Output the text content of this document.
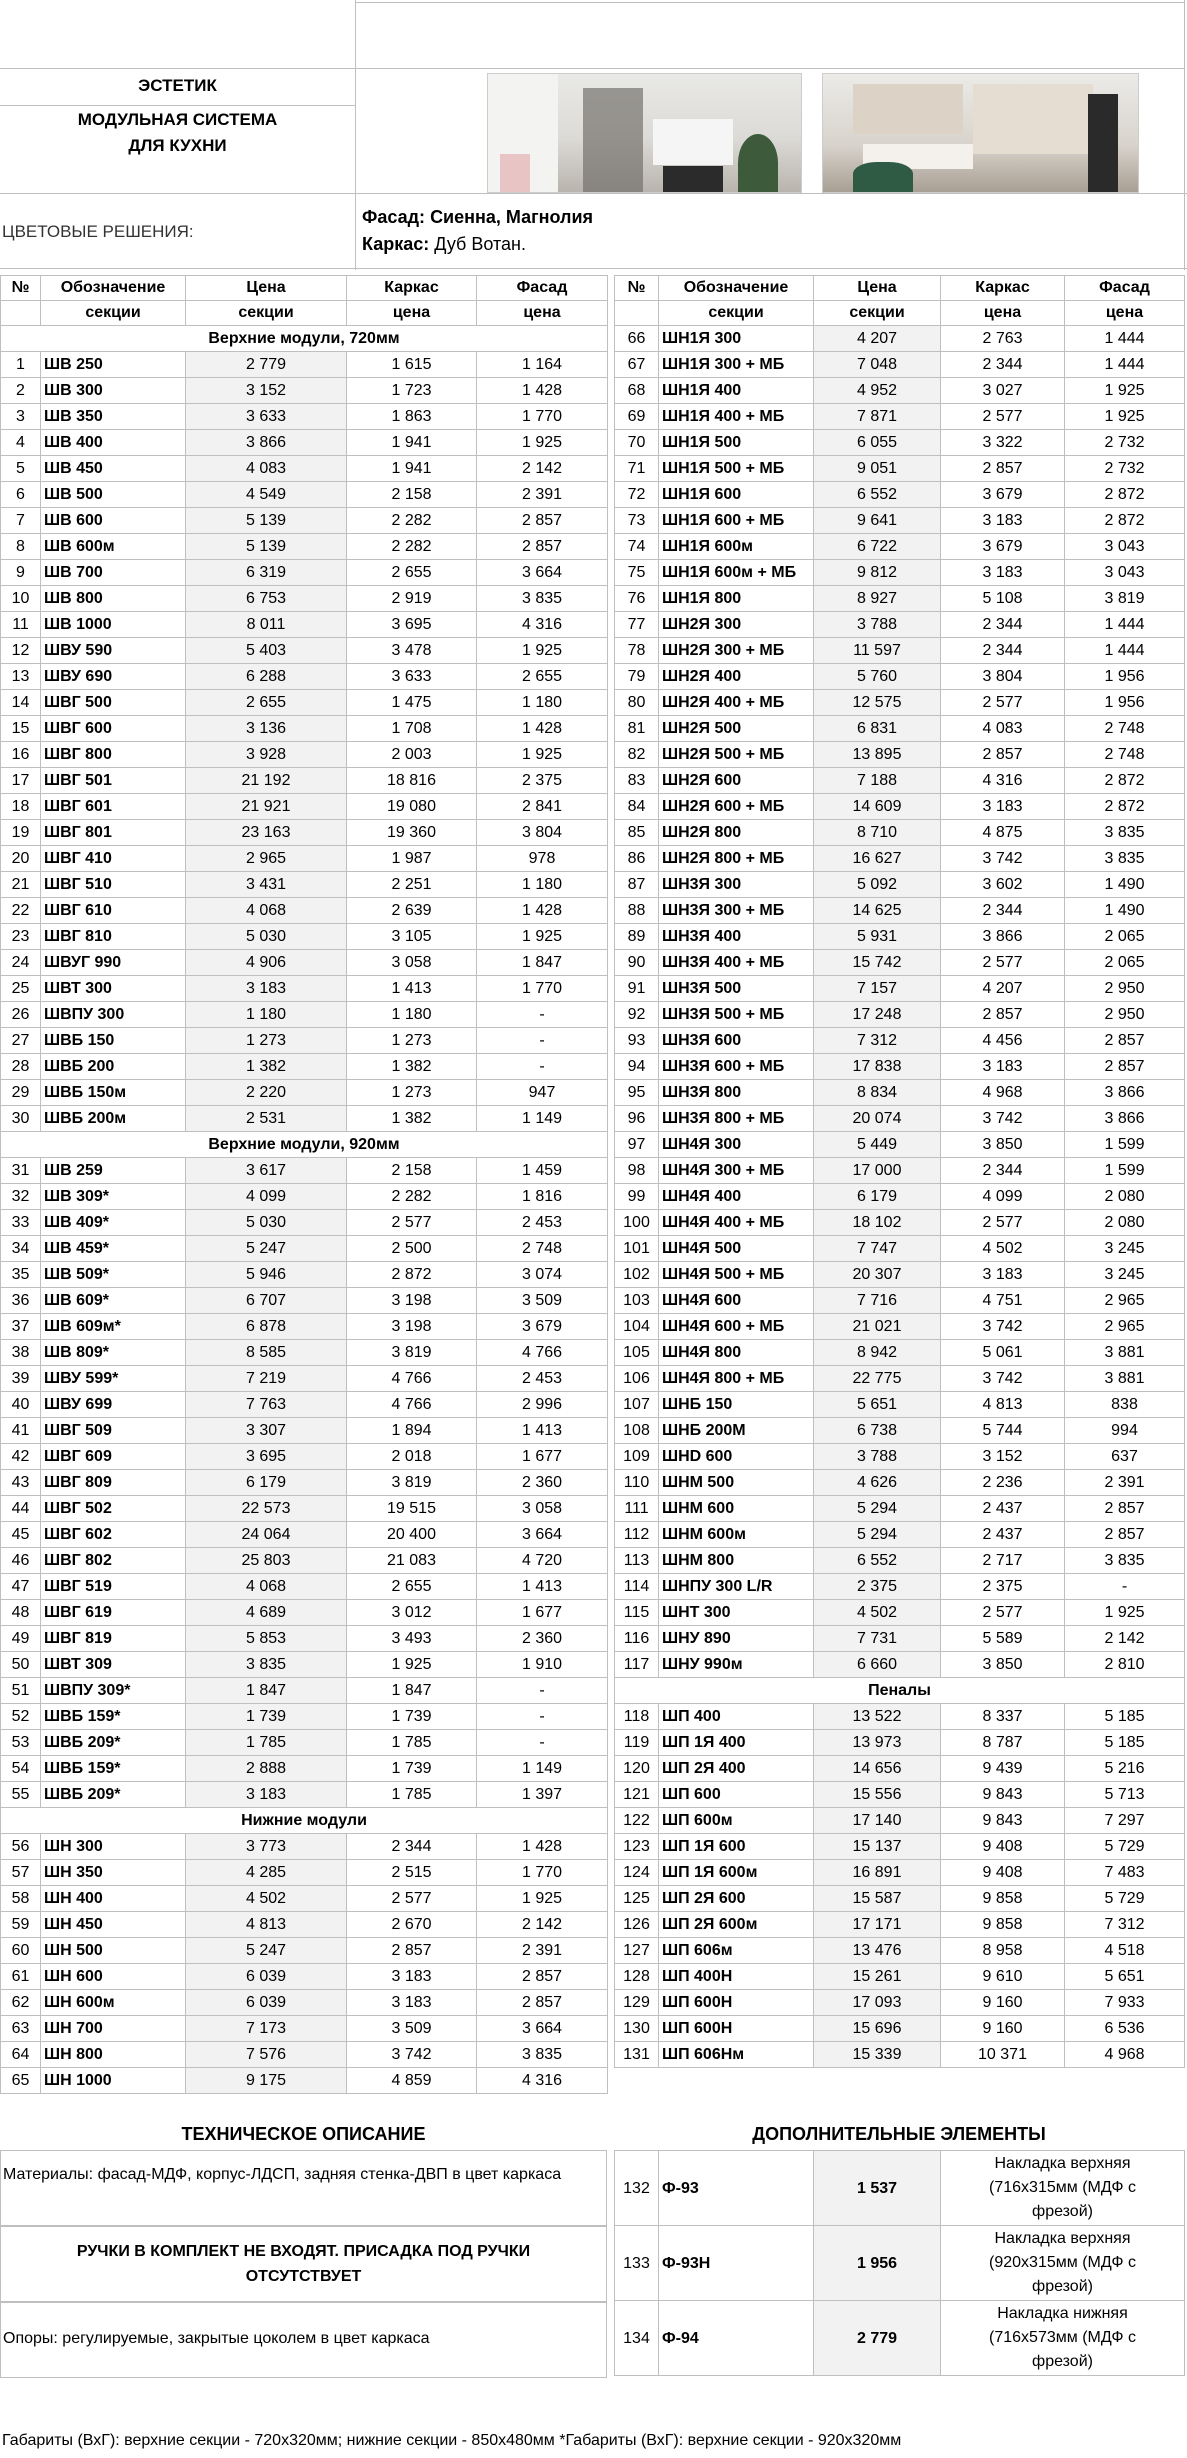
ЭСТЕТИК
МОДУЛЬНАЯ СИСТЕМА
ДЛЯ КУХНИ
ЦВЕТОВЫЕ РЕШЕНИЯ:
Фасад: Сиенна, Магнолия
Каркас: Дуб Вотан.
№	Обозначение	Цена	Каркас	Фасад
	секции	секции	цена	цена
Верхние модули, 720мм				
1	ШВ 250	2 779	1 615	1 164
2	ШВ 300	3 152	1 723	1 428
3	ШВ 350	3 633	1 863	1 770
4	ШВ 400	3 866	1 941	1 925
5	ШВ 450	4 083	1 941	2 142
6	ШВ 500	4 549	2 158	2 391
7	ШВ 600	5 139	2 282	2 857
8	ШВ 600м	5 139	2 282	2 857
9	ШВ 700	6 319	2 655	3 664
10	ШВ 800	6 753	2 919	3 835
11	ШВ 1000	8 011	3 695	4 316
12	ШВУ 590	5 403	3 478	1 925
13	ШВУ 690	6 288	3 633	2 655
14	ШВГ 500	2 655	1 475	1 180
15	ШВГ 600	3 136	1 708	1 428
16	ШВГ 800	3 928	2 003	1 925
17	ШВГ 501	21 192	18 816	2 375
18	ШВГ 601	21 921	19 080	2 841
19	ШВГ 801	23 163	19 360	3 804
20	ШВГ 410	2 965	1 987	978
21	ШВГ 510	3 431	2 251	1 180
22	ШВГ 610	4 068	2 639	1 428
23	ШВГ 810	5 030	3 105	1 925
24	ШВУГ 990	4 906	3 058	1 847
25	ШВТ 300	3 183	1 413	1 770
26	ШВПУ 300	1 180	1 180	-
27	ШВБ 150	1 273	1 273	-
28	ШВБ 200	1 382	1 382	-
29	ШВБ 150м	2 220	1 273	947
30	ШВБ 200м	2 531	1 382	1 149
Верхние модули, 920мм				
31	ШВ 259	3 617	2 158	1 459
32	ШВ 309*	4 099	2 282	1 816
33	ШВ 409*	5 030	2 577	2 453
34	ШВ 459*	5 247	2 500	2 748
35	ШВ 509*	5 946	2 872	3 074
36	ШВ 609*	6 707	3 198	3 509
37	ШВ 609м*	6 878	3 198	3 679
38	ШВ 809*	8 585	3 819	4 766
39	ШВУ 599*	7 219	4 766	2 453
40	ШВУ 699	7 763	4 766	2 996
41	ШВГ 509	3 307	1 894	1 413
42	ШВГ 609	3 695	2 018	1 677
43	ШВГ 809	6 179	3 819	2 360
44	ШВГ 502	22 573	19 515	3 058
45	ШВГ 602	24 064	20 400	3 664
46	ШВГ 802	25 803	21 083	4 720
47	ШВГ 519	4 068	2 655	1 413
48	ШВГ 619	4 689	3 012	1 677
49	ШВГ 819	5 853	3 493	2 360
50	ШВТ 309	3 835	1 925	1 910
51	ШВПУ 309*	1 847	1 847	-
52	ШВБ 159*	1 739	1 739	-
53	ШВБ 209*	1 785	1 785	-
54	ШВБ 159*	2 888	1 739	1 149
55	ШВБ 209*	3 183	1 785	1 397
Нижние модули				
56	ШН 300	3 773	2 344	1 428
57	ШН 350	4 285	2 515	1 770
58	ШН 400	4 502	2 577	1 925
59	ШН 450	4 813	2 670	2 142
60	ШН 500	5 247	2 857	2 391
61	ШН 600	6 039	3 183	2 857
62	ШН 600м	6 039	3 183	2 857
63	ШН 700	7 173	3 509	3 664
64	ШН 800	7 576	3 742	3 835
65	ШН 1000	9 175	4 859	4 316
№	Обозначение	Цена	Каркас	Фасад
	секции	секции	цена	цена
66	ШН1Я 300	4 207	2 763	1 444
67	ШН1Я 300 + МБ	7 048	2 344	1 444
68	ШН1Я 400	4 952	3 027	1 925
69	ШН1Я 400 + МБ	7 871	2 577	1 925
70	ШН1Я 500	6 055	3 322	2 732
71	ШН1Я 500 + МБ	9 051	2 857	2 732
72	ШН1Я 600	6 552	3 679	2 872
73	ШН1Я 600 + МБ	9 641	3 183	2 872
74	ШН1Я 600м	6 722	3 679	3 043
75	ШН1Я 600м + МБ	9 812	3 183	3 043
76	ШН1Я 800	8 927	5 108	3 819
77	ШН2Я 300	3 788	2 344	1 444
78	ШН2Я 300 + МБ	11 597	2 344	1 444
79	ШН2Я 400	5 760	3 804	1 956
80	ШН2Я 400 + МБ	12 575	2 577	1 956
81	ШН2Я 500	6 831	4 083	2 748
82	ШН2Я 500 + МБ	13 895	2 857	2 748
83	ШН2Я 600	7 188	4 316	2 872
84	ШН2Я 600 + МБ	14 609	3 183	2 872
85	ШН2Я 800	8 710	4 875	3 835
86	ШН2Я 800 + МБ	16 627	3 742	3 835
87	ШН3Я 300	5 092	3 602	1 490
88	ШН3Я 300 + МБ	14 625	2 344	1 490
89	ШН3Я 400	5 931	3 866	2 065
90	ШН3Я 400 + МБ	15 742	2 577	2 065
91	ШН3Я 500	7 157	4 207	2 950
92	ШН3Я 500 + МБ	17 248	2 857	2 950
93	ШН3Я 600	7 312	4 456	2 857
94	ШН3Я 600 + МБ	17 838	3 183	2 857
95	ШН3Я 800	8 834	4 968	3 866
96	ШН3Я 800 + МБ	20 074	3 742	3 866
97	ШН4Я 300	5 449	3 850	1 599
98	ШН4Я 300 + МБ	17 000	2 344	1 599
99	ШН4Я 400	6 179	4 099	2 080
100	ШН4Я 400 + МБ	18 102	2 577	2 080
101	ШН4Я 500	7 747	4 502	3 245
102	ШН4Я 500 + МБ	20 307	3 183	3 245
103	ШН4Я 600	7 716	4 751	2 965
104	ШН4Я 600 + МБ	21 021	3 742	2 965
105	ШН4Я 800	8 942	5 061	3 881
106	ШН4Я 800 + МБ	22 775	3 742	3 881
107	ШНБ 150	5 651	4 813	838
108	ШНБ 200М	6 738	5 744	994
109	ШНD 600	3 788	3 152	637
110	ШНМ 500	4 626	2 236	2 391
111	ШНМ 600	5 294	2 437	2 857
112	ШНМ 600м	5 294	2 437	2 857
113	ШНМ 800	6 552	2 717	3 835
114	ШНПУ 300 L/R	2 375	2 375	-
115	ШНТ 300	4 502	2 577	1 925
116	ШНУ 890	7 731	5 589	2 142
117	ШНУ 990м	6 660	3 850	2 810
Пеналы				
118	ШП 400	13 522	8 337	5 185
119	ШП 1Я 400	13 973	8 787	5 185
120	ШП 2Я 400	14 656	9 439	5 216
121	ШП 600	15 556	9 843	5 713
122	ШП 600м	17 140	9 843	7 297
123	ШП 1Я 600	15 137	9 408	5 729
124	ШП 1Я 600м	16 891	9 408	7 483
125	ШП 2Я 600	15 587	9 858	5 729
126	ШП 2Я 600м	17 171	9 858	7 312
127	ШП 606м	13 476	8 958	4 518
128	ШП 400Н	15 261	9 610	5 651
129	ШП 600Н	17 093	9 160	7 933
130	ШП 600Н	15 696	9 160	6 536
131	ШП 606Нм	15 339	10 371	4 968
ТЕХНИЧЕСКОЕ ОПИСАНИЕ
Материалы: фасад-МДФ, корпус-ЛДСП, задняя стенка-ДВП в цвет каркаса
РУЧКИ В КОМПЛЕКТ НЕ ВХОДЯТ. ПРИСАДКА ПОД РУЧКИ ОТСУТСТВУЕТ
Опоры: регулируемые, закрытые цоколем в цвет каркаса
ДОПОЛНИТЕЛЬНЫЕ ЭЛЕМЕНТЫ
132	Ф-93	1 537	Накладка верхняя
(716x315мм (МДФ с
фрезой)

133	Ф-93Н	1 956	Накладка верхняя
(920x315мм (МДФ с
фрезой)

134	Ф-94	2 779	Накладка нижняя
(716x573мм (МДФ с
фрезой)
Габариты (ВхГ): верхние секции - 720х320мм; нижние секции - 850х480мм *Габариты (ВхГ): верхние секции - 920х320мм
